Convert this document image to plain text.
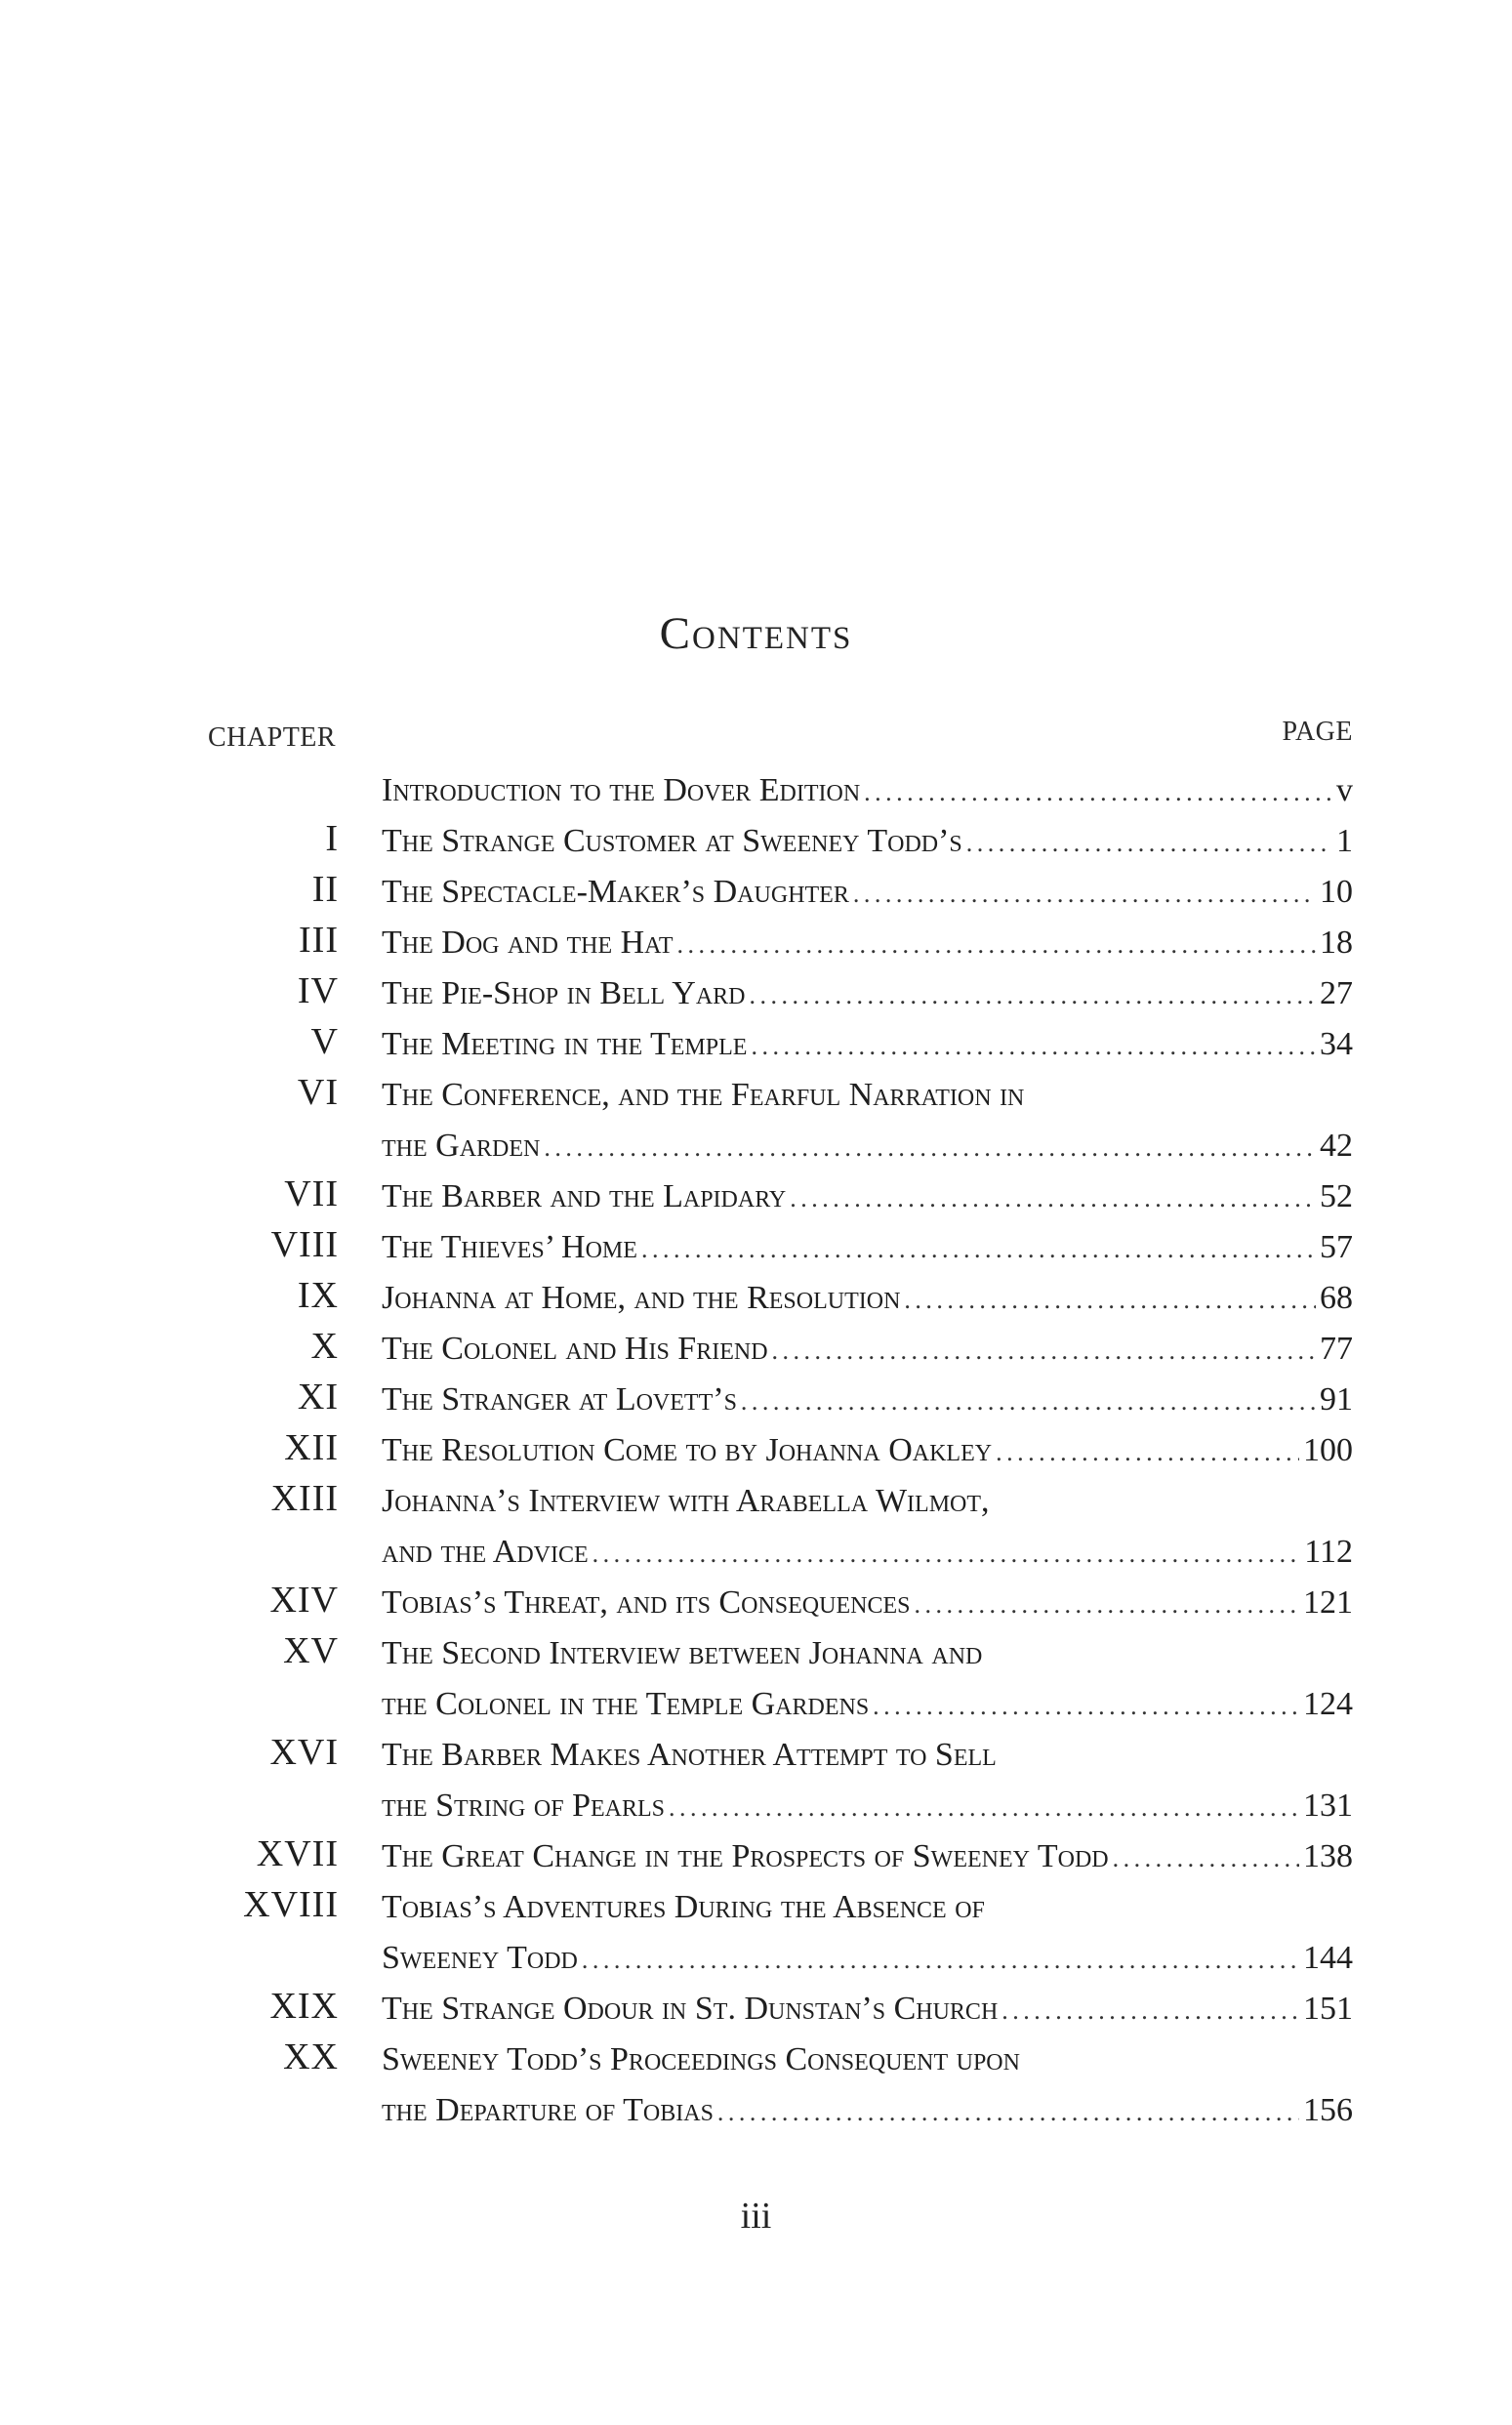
Contents
CHAPTER	PAGE
Introduction to the Dover Edition . . .	v
I The Strange Customer at Sweeney Todd’s . . .	1
II The Spectacle-Maker’s Daughter . . .	10
III The Dog and the Hat . . .	18
IV The Pie-Shop in Bell Yard . . .	27
V The Meeting in the Temple . . .	34
VI The Conference, and the Fearful Narration in
the Garden . . .	42
VII The Barber and the Lapidary . . .	52
VIII The Thieves’ Home . . .	57
IX Johanna at Home, and the Resolution . . .	68
X The Colonel and His Friend . . .	77
XI The Stranger at Lovett’s . . .	91
XII The Resolution Come to by Johanna Oakley . . .	100
XIII Johanna’s Interview with Arabella Wilmot,
and the Advice . . .	112
XIV Tobias’s Threat, and its Consequences . . .	121
XV The Second Interview between Johanna and
the Colonel in the Temple Gardens . . .	124
XVI The Barber Makes Another Attempt to Sell
the String of Pearls . . .	131
XVII The Great Change in the Prospects of Sweeney Todd . . .	138
XVIII Tobias’s Adventures During the Absence of
Sweeney Todd . . .	144
XIX The Strange Odour in St. Dunstan’s Church . . .	151
XX Sweeney Todd’s Proceedings Consequent upon
the Departure of Tobias . . .	156
iii
